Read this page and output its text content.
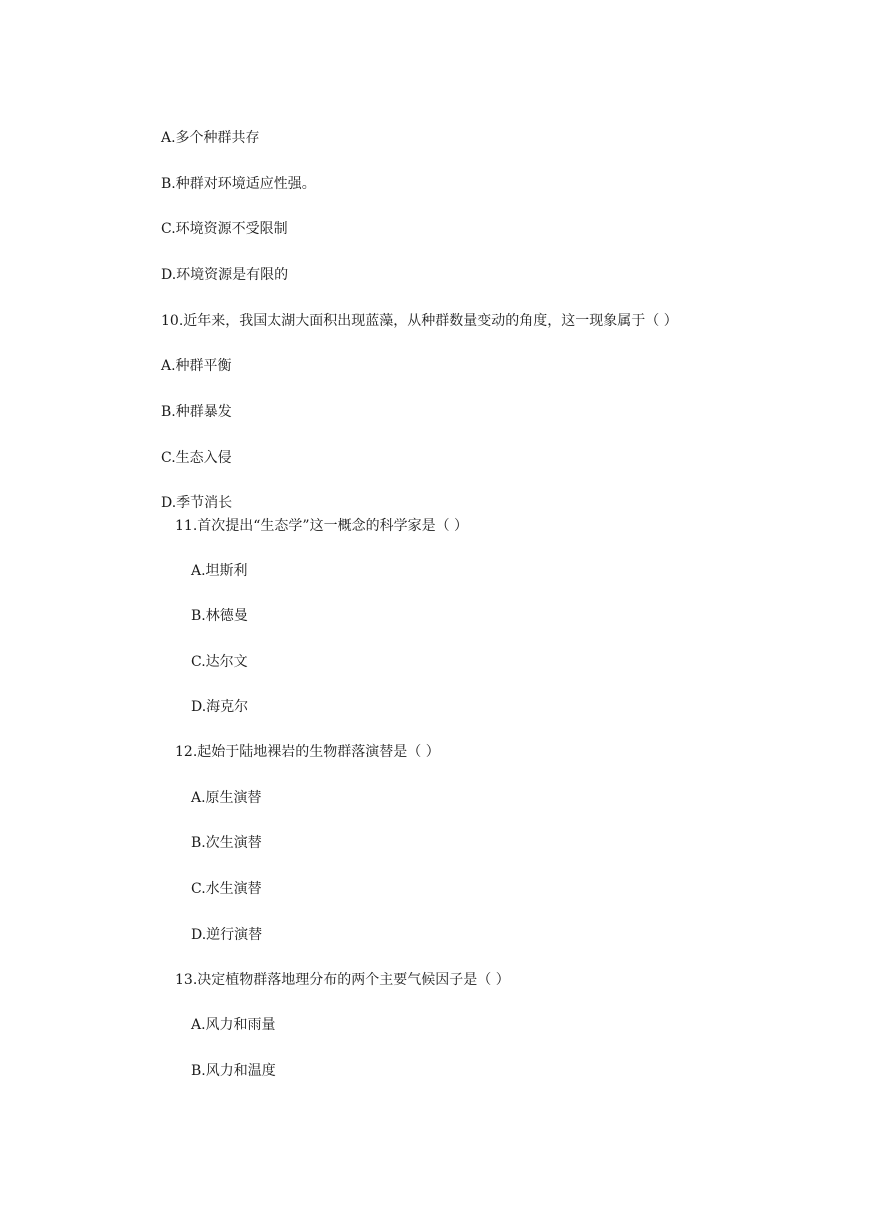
A.多个种群共存
B.种群对环境适应性强。
C.环境资源不受限制
D.环境资源是有限的
10.近年来，我国太湖大面积出现蓝藻，从种群数量变动的角度，这一现象属于（ ）
A.种群平衡
B.种群暴发
C.生态入侵
D.季节消长
11.首次提出“生态学”这一概念的科学家是（ ）
A.坦斯利
B.林德曼
C.达尔文
D.海克尔
12.起始于陆地裸岩的生物群落演替是（ ）
A.原生演替
B.次生演替
C.水生演替
D.逆行演替
13.决定植物群落地理分布的两个主要气候因子是（ ）
A.风力和雨量
B.风力和温度
